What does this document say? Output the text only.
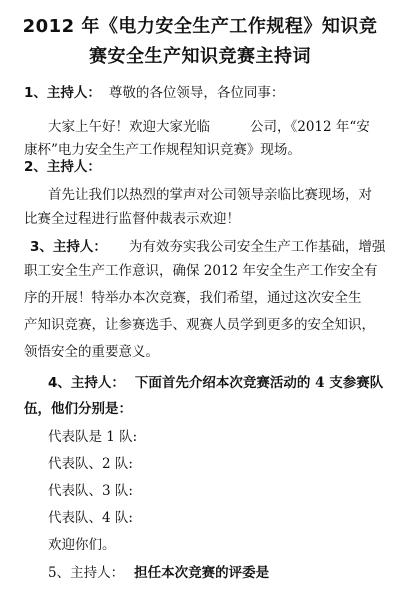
2012 年《电力安全生产工作规程》知识竞
赛安全生产知识竞赛主持词
1、主持人： 尊敬的各位领导，各位同事：
大家上午好！欢迎大家光临	公司，《2012 年“安
康杯”电力安全生产工作规程知识竞赛》现场。
2、主持人：
首先让我们以热烈的掌声对公司领导亲临比赛现场，对
比赛全过程进行监督仲裁表示欢迎！
3、主持人： 为有效夯实我公司安全生产工作基础，增强
职工安全生产工作意识，确保 2012 年安全生产工作安全有
序的开展！特举办本次竞赛，我们希望，通过这次安全生
产知识竞赛，让参赛选手、观赛人员学到更多的安全知识，
领悟安全的重要意义。
4、主持人： 下面首先介绍本次竞赛活动的 4 支参赛队
伍，他们分别是：
代表队是 1 队:
代表队、2 队:
代表队、3 队:
代表队、4 队:
欢迎你们。
5、主持人： 担任本次竞赛的评委是
